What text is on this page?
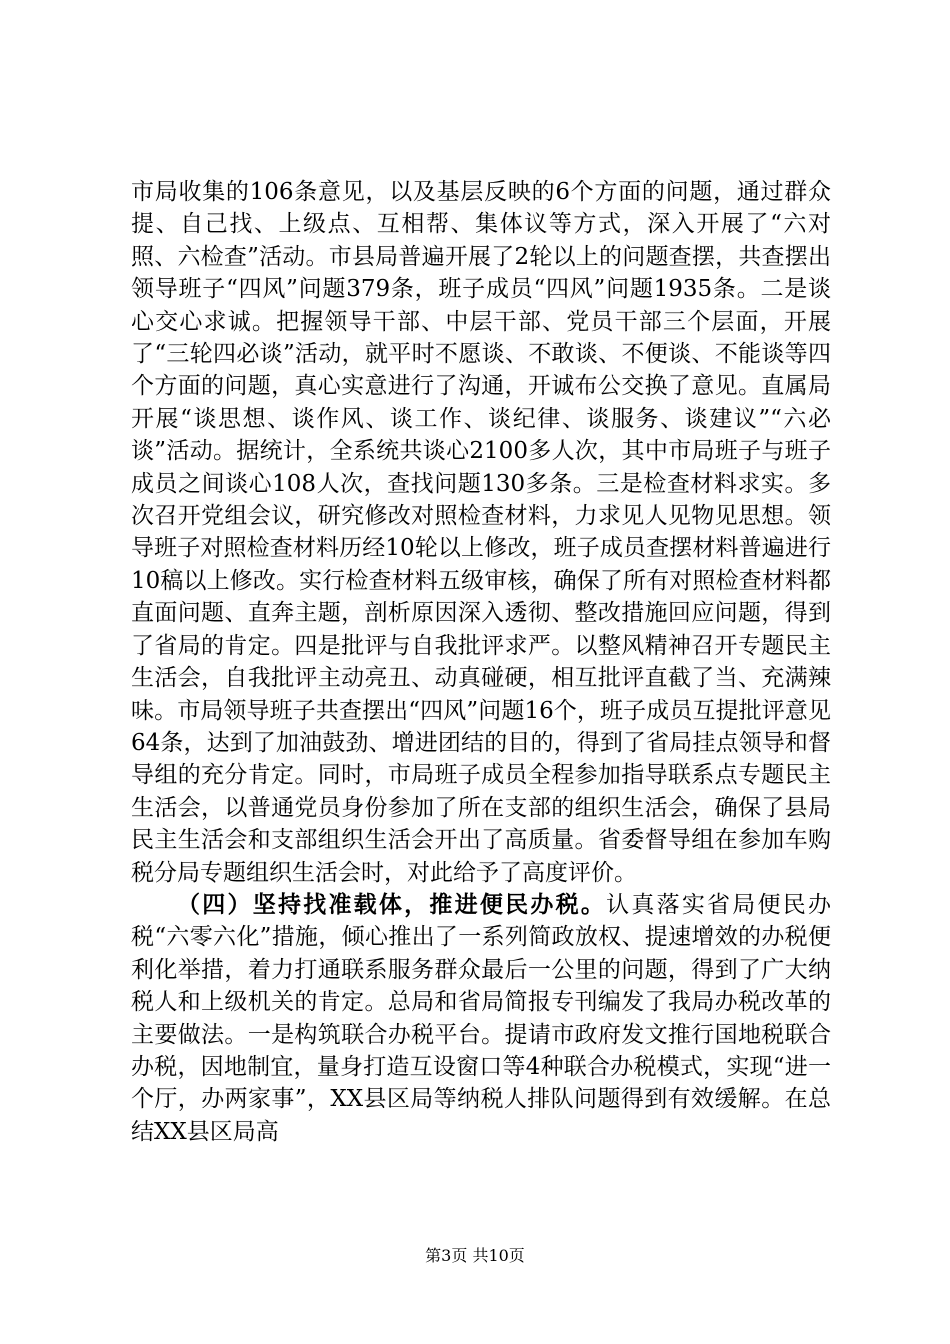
市局收集的106条意见，以及基层反映的6个方面的问题，通过群众提、自己找、上级点、互相帮、集体议等方式，深入开展了“六对照、六检查”活动。市县局普遍开展了2轮以上的问题查摆，共查摆出领导班子“四风”问题379条，班子成员“四风”问题1935条。二是谈心交心求诚。把握领导干部、中层干部、党员干部三个层面，开展了“三轮四必谈”活动，就平时不愿谈、不敢谈、不便谈、不能谈等四个方面的问题，真心实意进行了沟通，开诚布公交换了意见。直属局开展“谈思想、谈作风、谈工作、谈纪律、谈服务、谈建议”“六必谈”活动。据统计，全系统共谈心2100多人次，其中市局班子与班子成员之间谈心108人次，查找问题130多条。三是检查材料求实。多次召开党组会议，研究修改对照检查材料，力求见人见物见思想。领导班子对照检查材料历经10轮以上修改，班子成员查摆材料普遍进行10稿以上修改。实行检查材料五级审核，确保了所有对照检查材料都直面问题、直奔主题，剖析原因深入透彻、整改措施回应问题，得到了省局的肯定。四是批评与自我批评求严。以整风精神召开专题民主生活会，自我批评主动亮丑、动真碰硬，相互批评直截了当、充满辣味。市局领导班子共查摆出“四风”问题16个，班子成员互提批评意见64条，达到了加油鼓劲、增进团结的目的，得到了省局挂点领导和督导组的充分肯定。同时，市局班子成员全程参加指导联系点专题民主生活会，以普通党员身份参加了所在支部的组织生活会，确保了县局民主生活会和支部组织生活会开出了高质量。省委督导组在参加车购税分局专题组织生活会时，对此给予了高度评价。

（四）坚持找准载体，推进便民办税。认真落实省局便民办税“六零六化”措施，倾心推出了一系列简政放权、提速增效的办税便利化举措，着力打通联系服务群众最后一公里的问题，得到了广大纳税人和上级机关的肯定。总局和省局简报专刊编发了我局办税改革的主要做法。一是构筑联合办税平台。提请市政府发文推行国地税联合办税，因地制宜，量身打造互设窗口等4种联合办税模式，实现“进一个厅，办两家事”，XX县区局等纳税人排队问题得到有效缓解。在总结XX县区局高

第3页 共10页
